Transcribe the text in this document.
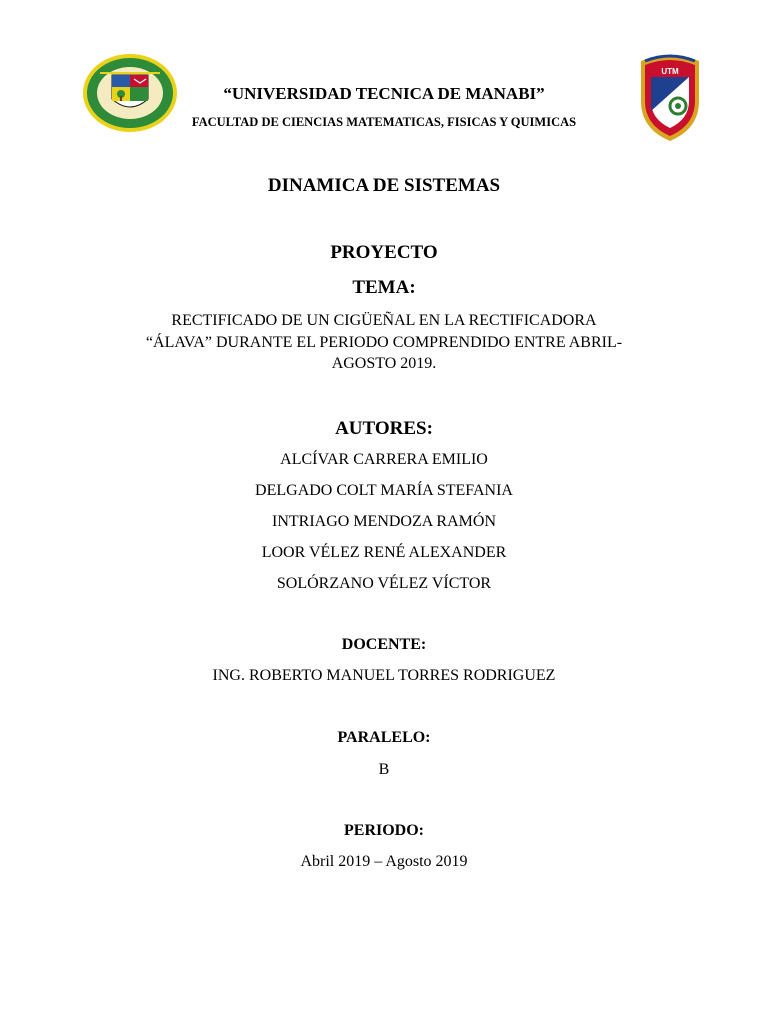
UTM
“UNIVERSIDAD TECNICA DE MANABI”
FACULTAD DE CIENCIAS MATEMATICAS, FISICAS Y QUIMICAS
DINAMICA DE SISTEMAS
PROYECTO
TEMA:
RECTIFICADO DE UN CIGÜEÑAL EN LA RECTIFICADORA
“ÁLAVA” DURANTE EL PERIODO COMPRENDIDO ENTRE ABRIL-
AGOSTO 2019.
AUTORES:
ALCÍVAR CARRERA EMILIO
DELGADO COLT MARÍA STEFANIA
INTRIAGO MENDOZA RAMÓN
LOOR VÉLEZ RENÉ ALEXANDER
SOLÓRZANO VÉLEZ VÍCTOR
DOCENTE:
ING. ROBERTO MANUEL TORRES RODRIGUEZ
PARALELO:
B
PERIODO:
Abril 2019 – Agosto 2019
